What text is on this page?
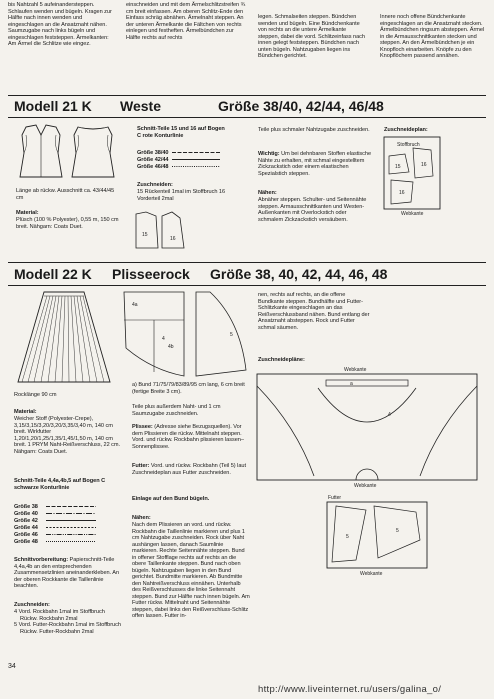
bis Nahtzahl 5 aufeinandersteppen. Schlaufen wenden und bügeln. Kragen zur Hälfte nach innen wenden und eingeschlagen an die Ansatznaht nähen. Saumzugabe nach links bügeln und eingeschlagen feststeppen. Ärmelkanten: Am Ärmel die Schlitze wie eingez.
einschneiden und mit dem Ärmelschlitzstreifen ¾ cm breit einfassen. Am oberen Schlitz-Ende den Einfass schräg abnähen. Ärmelnaht steppen. An der unteren Ärmelkante die Fältchen von rechts einlegen und festheften. Ärmelbündchen zur Hälfte rechts auf rechts
legen. Schmalseiten steppen. Bündchen wenden und bügeln. Eine Bündchenkante von rechts an die untere Ärmelkante steppen, dabei die vord. Schlitzeinfass nach innen gelegt feststeppen. Bündchen nach unten bügeln. Nahtzugaben liegen ins Bündchen gerichtet.
Innere noch offene Bündchenkante eingeschlagen an die Ansatznaht stecken. Ärmelbündchen ringsum absteppen. Ärmel in die Armausschnittkanten stecken und steppen. An den Ärmelbündchen je ein Knopfloch einarbeiten. Knöpfe zu den Knopflöchern passend annähen.
Modell 21 K Weste	Größe 38/40, 42/44, 46/48
Länge ab rückw. Ausschnitt ca. 43/44/45 cm
Material:
Plüsch (100 % Polyester), 0,55 m, 150 cm breit. Nähgarn: Coats Duet.
Schnitt-Teile 15 und 16 auf Bogen C rote Konturlinie
Größe 38/40
Größe 42/44
Größe 46/48
Zuschneiden:
15 Rückenteil 1mal im Stoffbruch 16 Vorderteil 2mal
15
16
Teile plus schmaler Nahtzugabe zuschneiden.
Wichtig: Um bei dehnbaren Stoffen elastische Nähte zu erhalten, mit schmal eingestelltem Zickzackstich oder einem elastischen Spezialstich steppen.
Nähen:
Abnäher steppen. Schulter- und Seitennähte steppen. Armausschnittkanten und Westen-Außenkanten mit Overlockstich oder schmalem Zickzackstich versäubern.
Zuschneideplan:
Stoffbruch
15	16
16
Webkante
Modell 22 K Plisseerock Größe 38, 40, 42, 44, 46, 48
Rocklänge 90 cm
Material:
Weicher Stoff (Polyester-Crepe), 3,15/3,15/3,20/3,20/3,35/3,40 m, 140 cm breit. Wirkfutter 1,20/1,20/1,25/1,35/1,45/1,50 m, 140 cm breit. 1 PRYM Naht-Reißverschluss, 22 cm. Nähgarn: Coats Duet.
Schnitt-Teile 4,4a,4b,5 auf Bogen C schwarze Konturlinie
Größe 38
Größe 40
Größe 42
Größe 44
Größe 46
Größe 48
Schnittvorbereitung: Papierschnitt-Teile 4,4a,4b an den entsprechenden Zusammensetzlinien aneinanderkleben. An der oberen Rockkante die Taillenlinie beachten.
Zuschneiden:
4 Vord. Rockbahn 1mal im Stoffbruch
Rückw. Rockbahn 2mal
5 Vord. Futter-Rockbahn 1mal im Stoffbruch
Rückw. Futter-Rockbahn 2mal
4a
4
4b
5
a) Bund 71/75/79/83/89/95 cm lang, 6 cm breit (fertige Breite 3 cm).
Teile plus außerdem Naht- und 1 cm Saumzugabe zuschneiden.
Plissee: (Adresse siehe Bezugsquellen). Vor dem Plissieren die rückw. Mittelnaht steppen. Vord. und rückw. Rockbahn plissieren lassen–Sonnenplissee.
Futter: Vord. und rückw. Rockbahn (Teil 5) laut Zuschneideplan aus Futter zuschneiden.
Einlage auf den Bund bügeln.
Nähen:
Nach dem Plissieren an vord. und rückw. Rockbahn die Taillenlinie markieren und plus 1 cm Nahtzugabe zuschneiden. Rock über Naht aushängen lassen, danach Saumlinie markieren. Rechte Seitennähte steppen. Bund in offener Stofflage rechts auf rechts an die obere Taillenkante steppen. Bund nach oben bügeln. Nahtzugaben liegen in den Bund gerichtet. Bundmitte markieren. Ab Bundmitte den Nahtreißverschluss einnähen. Unterhalb des Reißverschlusses die linke Seitennaht steppen. Bund zur Hälfte nach innen bügeln. Am Futter rückw. Mittelnaht und Seitennähte steppen, dabei links den Reißverschluss-Schlitz offen lassen. Futter in-
nen, rechts auf rechts, an die offene Bundkante steppen. Bundhälfte und Futter-Schlitzkante eingeschlagen an das Reißverschlussband nähen. Bund entlang der Ansatznaht absteppen. Rock und Futter schmal säumen.
Zuschneidepläne:
Webkante
a
4
Webkante
Futter
5
5
Webkante
34
http://www.liveinternet.ru/users/galina_o/
